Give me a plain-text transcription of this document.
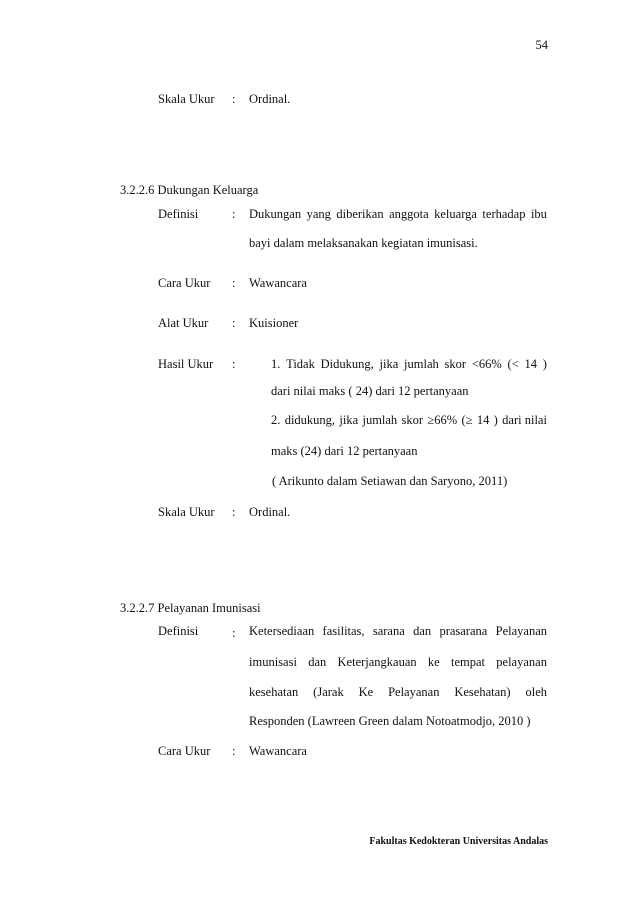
54
Skala Ukur : Ordinal.
3.2.2.6 Dukungan Keluarga
Definisi	: Dukungan yang diberikan anggota keluarga terhadap ibu
bayi dalam melaksanakan kegiatan imunisasi.
Cara Ukur : Wawancara
Alat Ukur : Kuisioner
Hasil Ukur :	1. Tidak Didukung, jika jumlah skor <66% (< 14 )
dari nilai maks ( 24) dari 12 pertanyaan
2. didukung, jika jumlah skor ≥66% (≥ 14 ) dari nilai
maks (24) dari 12 pertanyaan
( Arikunto dalam Setiawan dan Saryono, 2011)
Skala Ukur : Ordinal.
3.2.2.7 Pelayanan Imunisasi
Definisi	: Ketersediaan fasilitas, sarana dan prasarana Pelayanan
imunisasi dan Keterjangkauan ke tempat pelayanan
kesehatan (Jarak Ke Pelayanan Kesehatan) oleh
Responden (Lawreen Green dalam Notoatmodjo, 2010 )
Cara Ukur : Wawancara
Fakultas Kedokteran Universitas Andalas
